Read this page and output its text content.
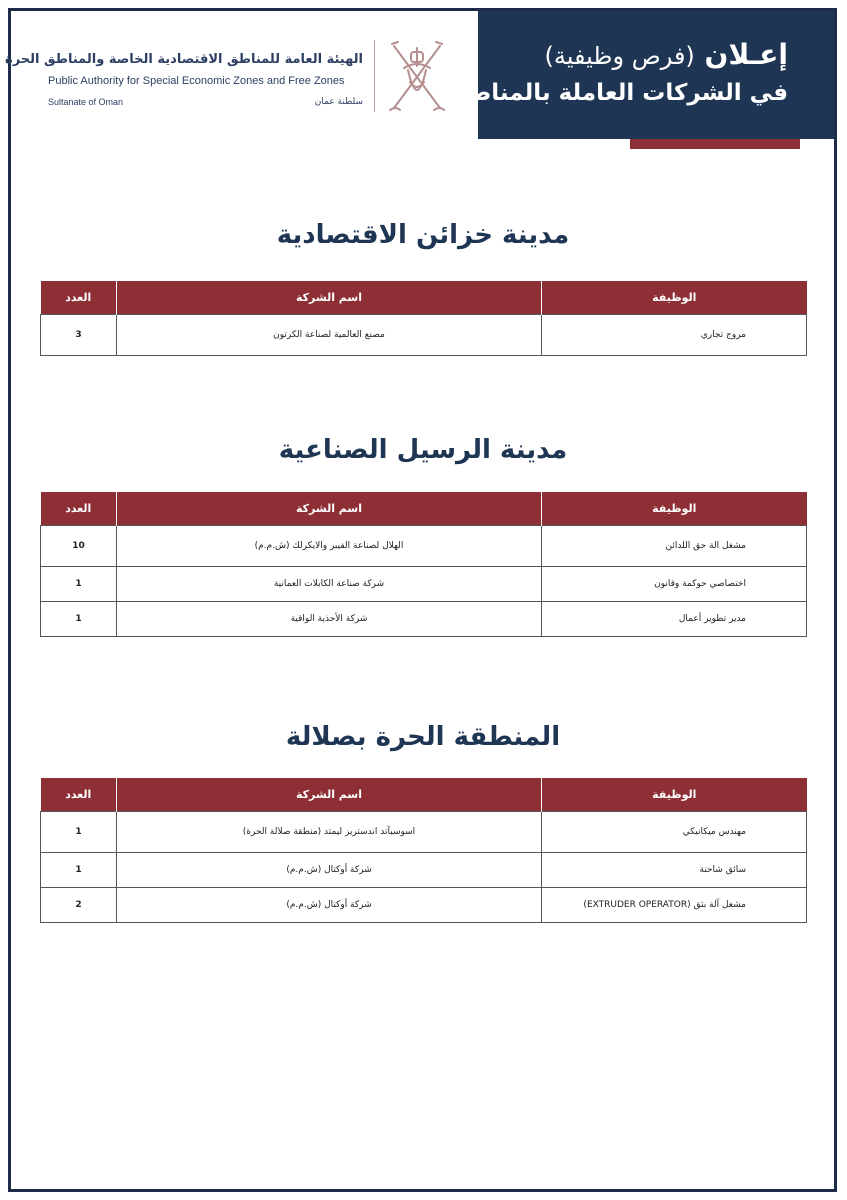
الهيئة العامة للمناطق الاقتصادية الخاصة والمناطق الحرة
Public Authority for Special Economic Zones and Free Zones
Sultanate of Oman	سلطنة عمان
إعـلان (فرص وظيفية)
في الشركات العاملة بالمناطق
مدينة خزائن الاقتصادية
الوظيفة	اسم الشركة	العدد
مروج تجاري	مصنع العالمية لصناعة الكرتون	3
مدينة الرسيل الصناعية
الوظيفة	اسم الشركة	العدد
مشغل الة حق اللدائن	الهلال لصناعة الفيبر والايكرلك (ش.م.م)	10
اختصاصي حوكمة وقانون	شركة صناعة الكابلات العمانية	1
مدير تطوير أعمال	شركة الأحذية الواقية	1
المنطقة الحرة بصلالة
الوظيفة	اسم الشركة	العدد
مهندس ميكانيكي	اسوسيآتد اندستريز ليمتد (منطقة صلالة الحرة)	1
سائق شاحنة	شركة أوكتال (ش.م.م)	1
مشغل آلة بثق (EXTRUDER OPERATOR)	شركة أوكتال (ش.م.م)	2
